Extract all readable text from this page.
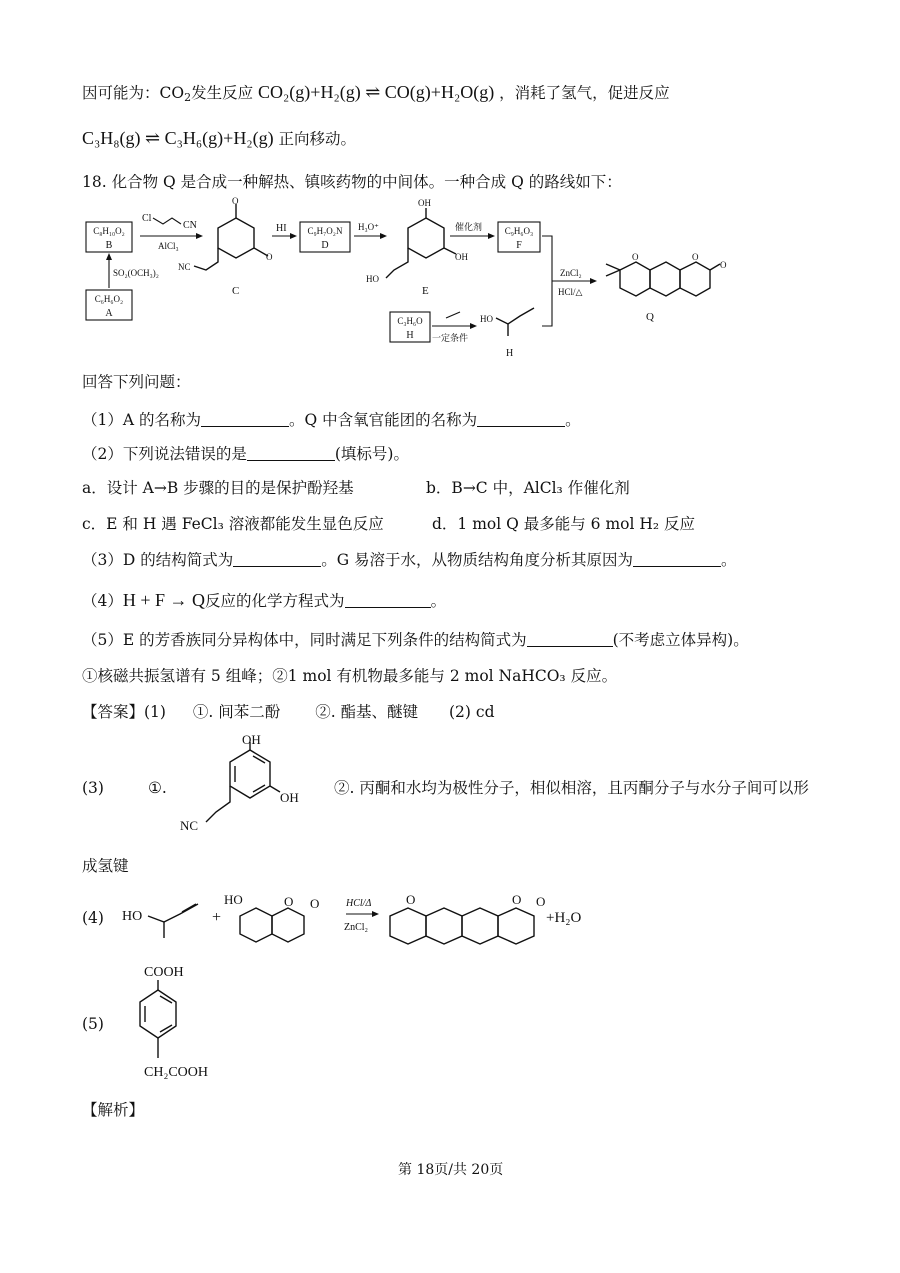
因可能为：$CO_2$发生反应 CO₂(g)+H₂(g) ⇌ CO(g)+H₂O(g) ，消耗了氢气，促进反应
C₃H₈(g) ⇌ C₃H₆(g)+H₂(g) 正向移动。
18. 化合物 Q 是合成一种解热、镇咳药物的中间体。一种合成 Q 的路线如下：
C₈H₁₀O₂
B
SO₂(OCH₃)₂
C₆H₆O₂
A
Cl
CN
AlCl₃
O
O
NC
C
HI C₉H₇O₂N
D
H₃O⁺
OH
OH
HO
E
催化剂	C₉H₆O₃
F
ZnCl₂
HCl/△
O	O
O
Q
C₃H₆O
H 一定条件
HO
H
回答下列问题：
（1）A 的名称为	。Q 中含氧官能团的名称为	。
（2）下列说法错误的是	(填标号)。
a．设计 A→B 步骤的目的是保护酚羟基	b．B→C 中，AlCl₃ 作催化剂
c．E 和 H 遇 FeCl₃ 溶液都能发生显色反应	d．1 mol Q 最多能与 6 mol H₂ 反应
（3）D 的结构简式为	。G 易溶于水，从物质结构角度分析其原因为	。
（4）H + F → Q反应的化学方程式为	。
（5）E 的芳香族同分异构体中，同时满足下列条件的结构简式为	(不考虑立体异构)。
①核磁共振氢谱有 5 组峰；②1 mol 有机物最多能与 2 mol NaHCO₃ 反应。
【答案】(1) ①. 间苯二酚 ②. 酯基、醚键 (2) cd
(3)	①.
OH
OH
NC
②. 丙酮和水均为极性分子，相似相溶，且丙酮分子与水分子间可以形
成氢键
(4) HO	+
HO	O O	HCl/Δ
ZnCl₂
O	O O
+H₂O
(5)
COOH
CH₂COOH
【解析】
第 18页/共 20页
